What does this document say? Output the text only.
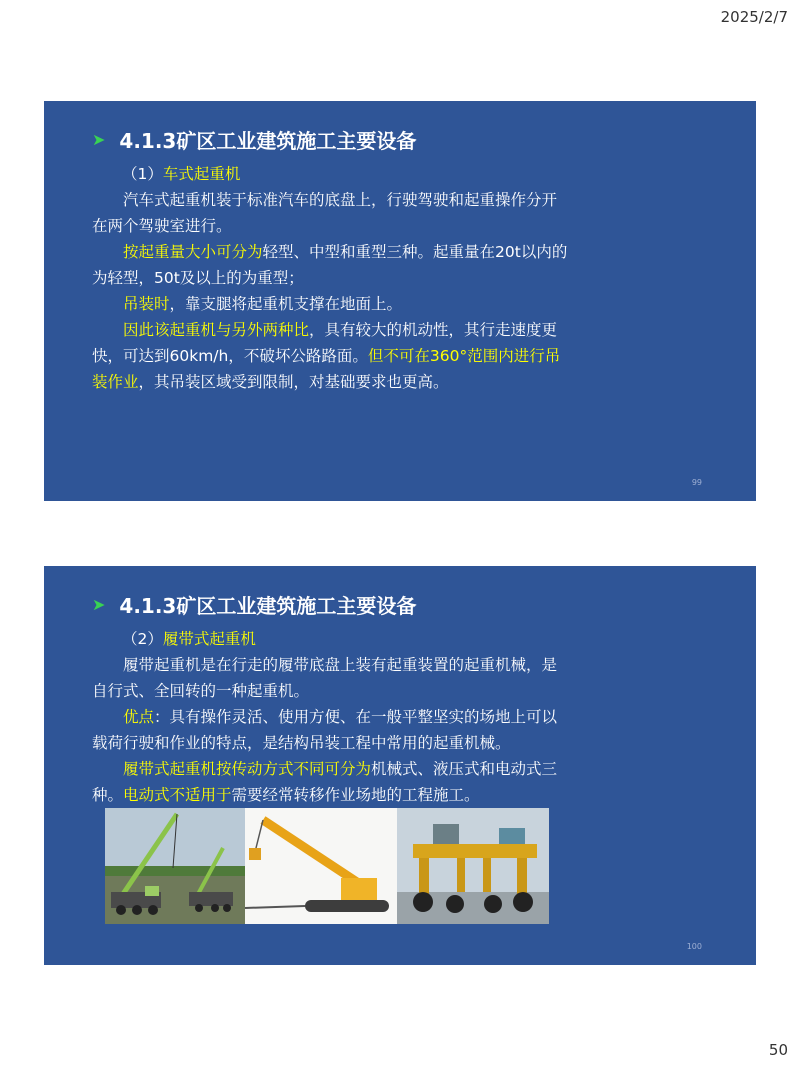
2025/2/7
➤ 4.1.3矿区工业建筑施工主要设备

（1）车式起重机

汽车式起重机装于标准汽车的底盘上，行驶驾驶和起重操作分开在两个驾驶室进行。

按起重量大小可分为轻型、中型和重型三种。起重量在20t以内的为轻型，50t及以上的为重型；

吊装时，靠支腿将起重机支撑在地面上。

因此该起重机与另外两种比，具有较大的机动性，其行走速度更快，可达到60km/h，不破坏公路路面。但不可在360°范围内进行吊装作业，其吊装区域受到限制，对基础要求也更高。

99
➤ 4.1.3矿区工业建筑施工主要设备

（2）履带式起重机

履带起重机是在行走的履带底盘上装有起重装置的起重机械，是自行式、全回转的一种起重机。

优点：具有操作灵活、使用方便、在一般平整坚实的场地上可以载荷行驶和作业的特点，是结构吊装工程中常用的起重机械。

履带式起重机按传动方式不同可分为机械式、液压式和电动式三种。电动式不适用于需要经常转移作业场地的工程施工。

100
50
